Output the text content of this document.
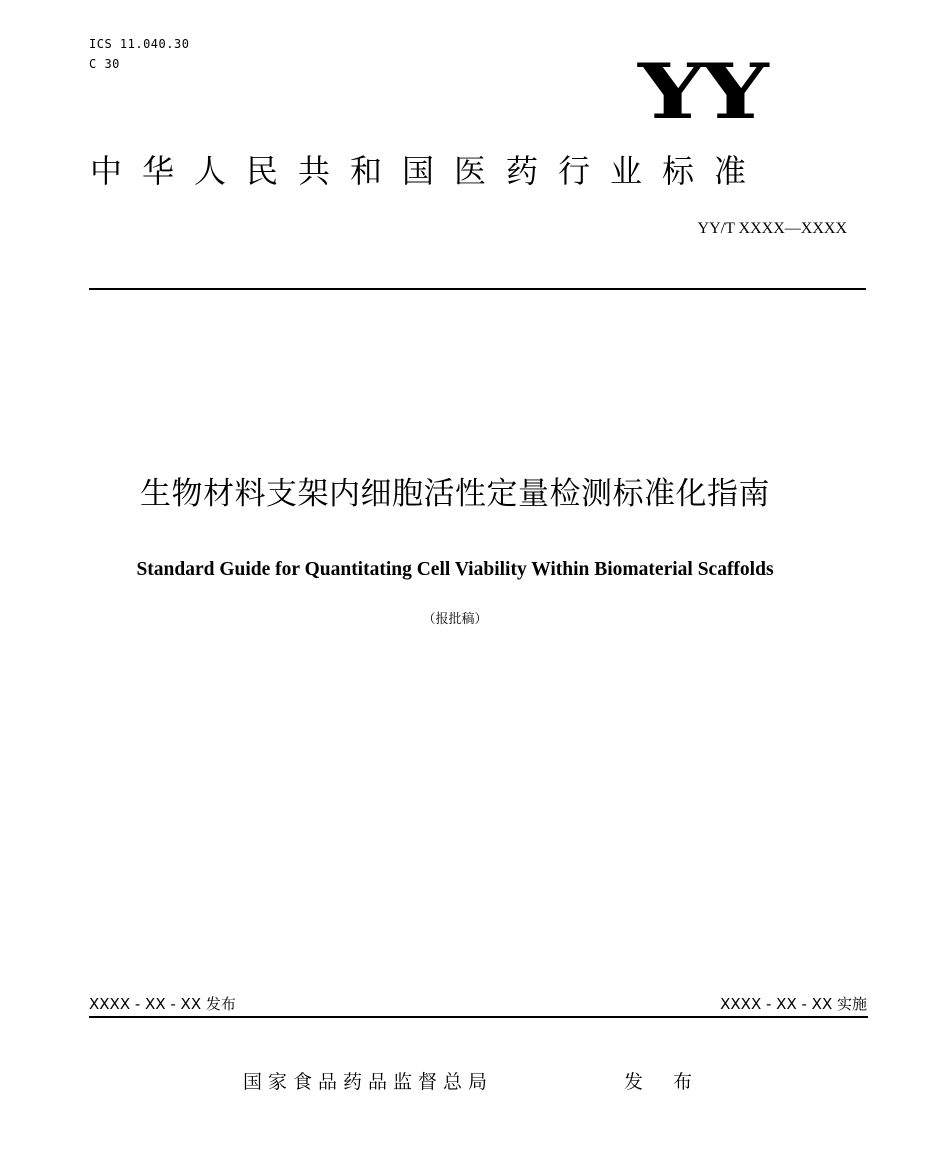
ICS 11.040.30
C 30	YY
中华人民共和国医药行业标准
YY/T XXXX—XXXX
生物材料支架内细胞活性定量检测标准化指南
Standard Guide for Quantitating Cell Viability Within Biomaterial Scaffolds
（报批稿）
XXXX - XX - XX 发布	XXXX - XX - XX 实施
国家食品药品监督总局	发 布
